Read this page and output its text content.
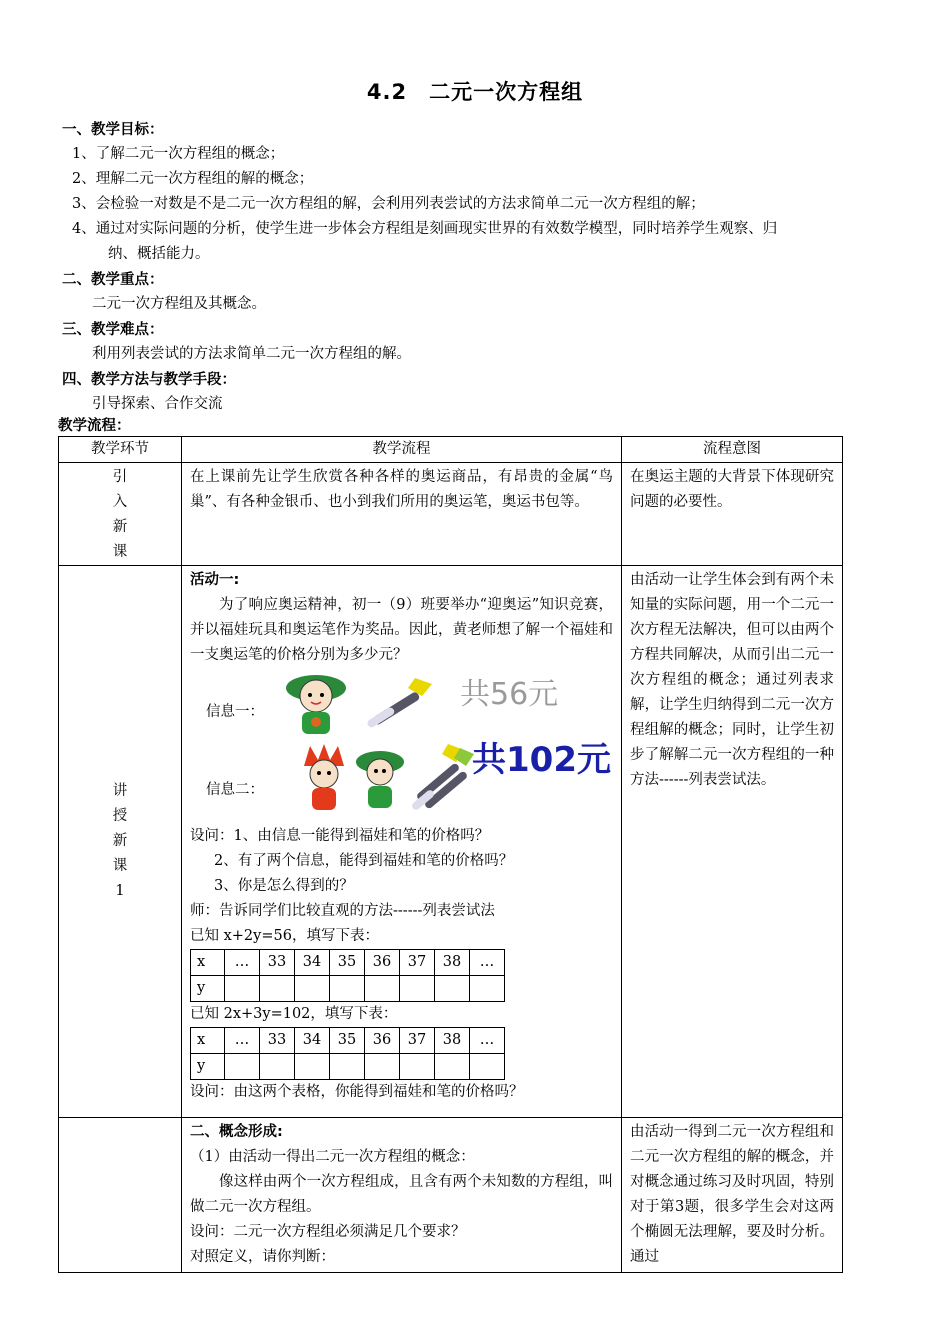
4.2　二元一次方程组
一、教学目标：
1、了解二元一次方程组的概念；
2、理解二元一次方程组的解的概念；
3、会检验一对数是不是二元一次方程组的解，会利用列表尝试的方法求简单二元一次方程组的解；
4、通过对实际问题的分析，使学生进一步体会方程组是刻画现实世界的有效数学模型，同时培养学生观察、归
纳、概括能力。
二、教学重点：
二元一次方程组及其概念。
三、教学难点：
利用列表尝试的方法求简单二元一次方程组的解。
四、教学方法与教学手段：
引导探索、合作交流
教学流程：
教学环节	教学流程	流程意图

引
入
新
课

在上课前先让学生欣赏各种各样的奥运商品，有昂贵的金属“鸟巢”、有各种金银币、也小到我们所用的奥运笔，奥运书包等。

在奥运主题的大背景下体现研究问题的必要性。

讲
授
新
课
1

活动一:
为了响应奥运精神，初一（9）班要举办“迎奥运”知识竞赛，并以福娃玩具和奥运笔作为奖品。因此，黄老师想了解一个福娃和一支奥运笔的价格分别为多少元？
信息一：	共56元
信息二：
共102元
设问：1、由信息一能得到福娃和笔的价格吗？
2、有了两个信息，能得到福娃和笔的价格吗？
3、你是怎么得到的？
师：告诉同学们比较直观的方法------列表尝试法
已知 x+2y=56，填写下表：
x	…	33	34	35	36	37	38	…
y								
已知 2x+3y=102，填写下表：
x	…	33	34	35	36	37	38	…
y								
设问：由这两个表格，你能得到福娃和笔的价格吗？

由活动一让学生体会到有两个未知量的实际问题，用一个二元一次方程无法解决，但可以由两个方程共同解决，从而引出二元一次方程组的概念；通过列表求解，让学生归纳得到二元一次方程组解的概念；同时，让学生初步了解解二元一次方程组的一种方法------列表尝试法。

二、概念形成:
（1）由活动一得出二元一次方程组的概念：
像这样由两个一次方程组成，且含有两个未知数的方程组，叫做二元一次方程组。
设问：二元一次方程组必须满足几个要求？
对照定义，请你判断：

由活动一得到二元一次方程组和二元一次方程组的解的概念，并对概念通过练习及时巩固，特别对于第3题，很多学生会对这两个椭圆无法理解，要及时分析。通过
